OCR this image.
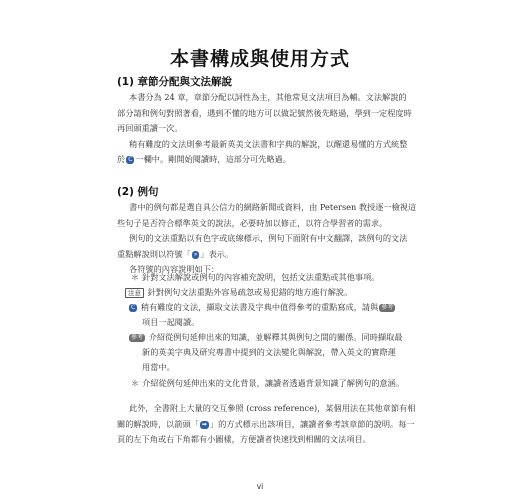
本書構成與使用方式
(1) 章節分配與文法解說
本書分為 24 章，章節分配以詞性為主，其他常見文法項目為輔。文法解說的
部分請和例句對照著看，遇到不懂的地方可以做記號然後先略過，學到一定程度時
再回頭重讀一次。
稍有難度的文法則參考最新英美文法書和字典的解說，以醒還易懂的方式統整
於 C 一欄中。剛開始閱讀時，這部分可先略過。
(2) 例句
書中的例句都是選自具公信力的網路新聞或資料，由 Petersen 教授逐一檢視這
些句子是否符合標準英文的說法，必要時加以修正，以符合學習者的需求。
例句的文法重點以有色字或底線標示，例句下面附有中文翻譯，該例句的文法
重點解說則以符號「 » 」表示。
各符號的內容說明如下：
＊ 針對文法解說或例句的內容補充說明，包括文法重點或其他事項。
注意 針對例句文法重點外容易疏忽或易犯錯的地方進行解說。
C 稍有難度的文法，擷取文法書及字典中值得參考的重點寫成，請與 參考
項目一起閱讀。
參考 介紹從例句延伸出來的知識，並解釋其與例句之間的關係。同時擷取最
新的英美字典及研究專書中提到的文法變化與解說，帶入英文的實際運
用當中。
＊ 介紹從例句延伸出來的文化背景，讓讀者透過背景知識了解例句的意涵。
此外，全書附上大量的交互參照 (cross reference)，某個用法在其他章節有相
關的解說時，以箭頭「 ➡ 」的方式標示出該項目，讓讀者參考該章節的說明。每一
頁的左下角或右下角都有小圖樣，方便讀者快速找到相關的文法項目。
vi
